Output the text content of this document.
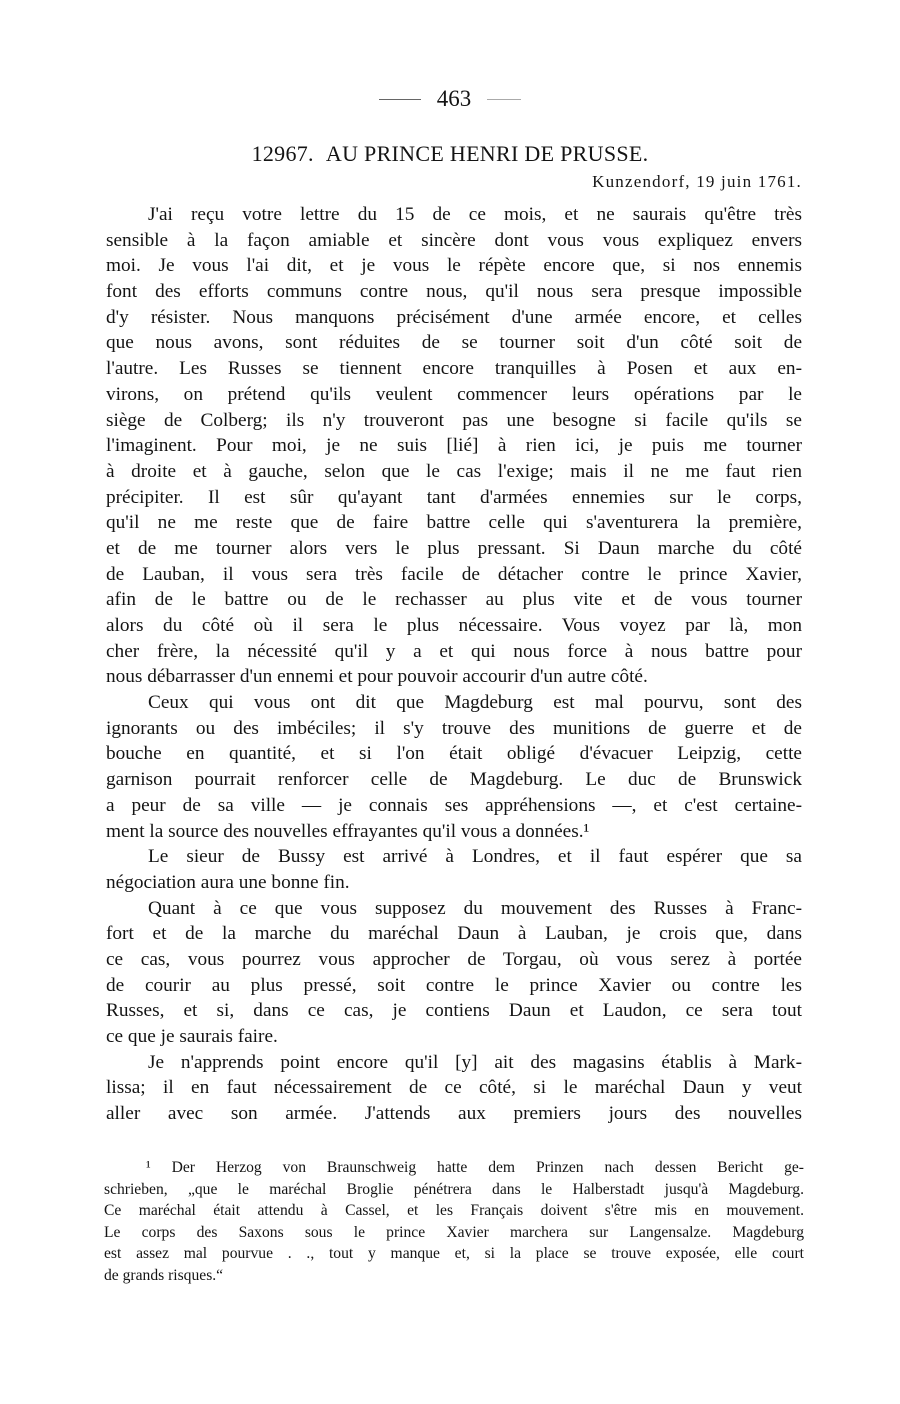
463
12967. AU PRINCE HENRI DE PRUSSE.
Kunzendorf, 19 juin 1761.
J'ai reçu votre lettre du 15 de ce mois, et ne saurais qu'être très
sensible à la façon amiable et sincère dont vous vous expliquez envers
moi. Je vous l'ai dit, et je vous le répète encore que, si nos ennemis
font des efforts communs contre nous, qu'il nous sera presque impossible
d'y résister. Nous manquons précisément d'une armée encore, et celles
que nous avons, sont réduites de se tourner soit d'un côté soit de
l'autre. Les Russes se tiennent encore tranquilles à Posen et aux en-
virons, on prétend qu'ils veulent commencer leurs opérations par le
siège de Colberg; ils n'y trouveront pas une besogne si facile qu'ils se
l'imaginent. Pour moi, je ne suis [lié] à rien ici, je puis me tourner
à droite et à gauche, selon que le cas l'exige; mais il ne me faut rien
précipiter. Il est sûr qu'ayant tant d'armées ennemies sur le corps,
qu'il ne me reste que de faire battre celle qui s'aventurera la première,
et de me tourner alors vers le plus pressant. Si Daun marche du côté
de Lauban, il vous sera très facile de détacher contre le prince Xavier,
afin de le battre ou de le rechasser au plus vite et de vous tourner
alors du côté où il sera le plus nécessaire. Vous voyez par là, mon
cher frère, la nécessité qu'il y a et qui nous force à nous battre pour
nous débarrasser d'un ennemi et pour pouvoir accourir d'un autre côté.
Ceux qui vous ont dit que Magdeburg est mal pourvu, sont des
ignorants ou des imbéciles; il s'y trouve des munitions de guerre et de
bouche en quantité, et si l'on était obligé d'évacuer Leipzig, cette
garnison pourrait renforcer celle de Magdeburg. Le duc de Brunswick
a peur de sa ville — je connais ses appréhensions —, et c'est certaine-
ment la source des nouvelles effrayantes qu'il vous a données.¹
Le sieur de Bussy est arrivé à Londres, et il faut espérer que sa
négociation aura une bonne fin.
Quant à ce que vous supposez du mouvement des Russes à Franc-
fort et de la marche du maréchal Daun à Lauban, je crois que, dans
ce cas, vous pourrez vous approcher de Torgau, où vous serez à portée
de courir au plus pressé, soit contre le prince Xavier ou contre les
Russes, et si, dans ce cas, je contiens Daun et Laudon, ce sera tout
ce que je saurais faire.
Je n'apprends point encore qu'il [y] ait des magasins établis à Mark-
lissa; il en faut nécessairement de ce côté, si le maréchal Daun y veut
aller avec son armée. J'attends aux premiers jours des nouvelles
¹ Der Herzog von Braunschweig hatte dem Prinzen nach dessen Bericht ge-
schrieben, „que le maréchal Broglie pénétrera dans le Halberstadt jusqu'à Magdeburg.
Ce maréchal était attendu à Cassel, et les Français doivent s'être mis en mouvement.
Le corps des Saxons sous le prince Xavier marchera sur Langensalze. Magdeburg
est assez mal pourvue . ., tout y manque et, si la place se trouve exposée, elle court
de grands risques.“
